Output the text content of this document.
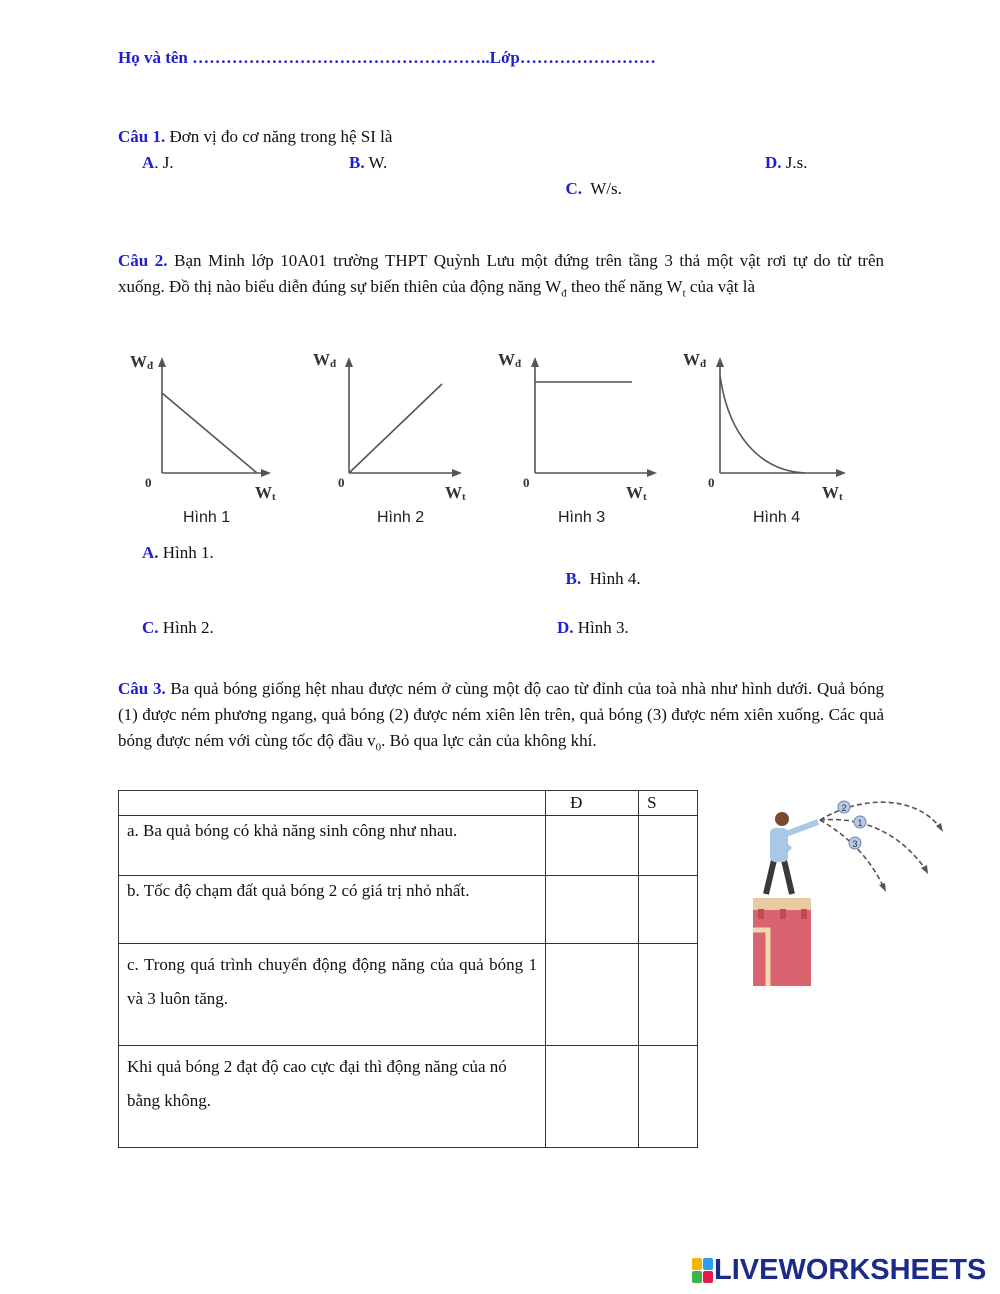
Họ và tên ……………………………………………..Lớp……………………
Câu 1. Đơn vị đo cơ năng trong hệ SI là
A. J.	B. W.

C.  W/s.

D. J.s.
Câu 2. Bạn Minh lớp 10A01 trường THPT Quỳnh Lưu một đứng trên tầng 3 thả một vật rơi tự do từ trên xuống. Đồ thị nào biểu diễn đúng sự biến thiên của động năng $W_đ$ theo thế năng $W_t$ của vật là
Wđ
Wt
0
Hình 1
Wđ
Wt
0
Hình 2
Wđ
Wt
0
Hình 3
Wđ
Wt
0
Hình 4
A. Hình 1.

B.  Hình 4.

C. Hình 2.	D. Hình 3.
Câu 3. Ba quả bóng giống hệt nhau được ném ở cùng một độ cao từ đỉnh của toà nhà như hình dưới. Quả bóng (1) được ném phương ngang, quả bóng (2) được ném xiên lên trên, quả bóng (3) được ném xiên xuống. Các quả bóng được ném với cùng tốc độ đầu $v_0$. Bỏ qua lực cản của không khí.
	Đ	S
a. Ba quả bóng có khả năng sinh công như nhau.		
b. Tốc độ chạm đất quả bóng 2 có giá trị nhỏ nhất.		
c. Trong quá trình chuyển động động năng của quả bóng 1 và 3 luôn tăng.		
Khi quả bóng 2 đạt độ cao cực đại thì động năng của nó bằng không.		
2
1
3
LIVEWORKSHEETS
